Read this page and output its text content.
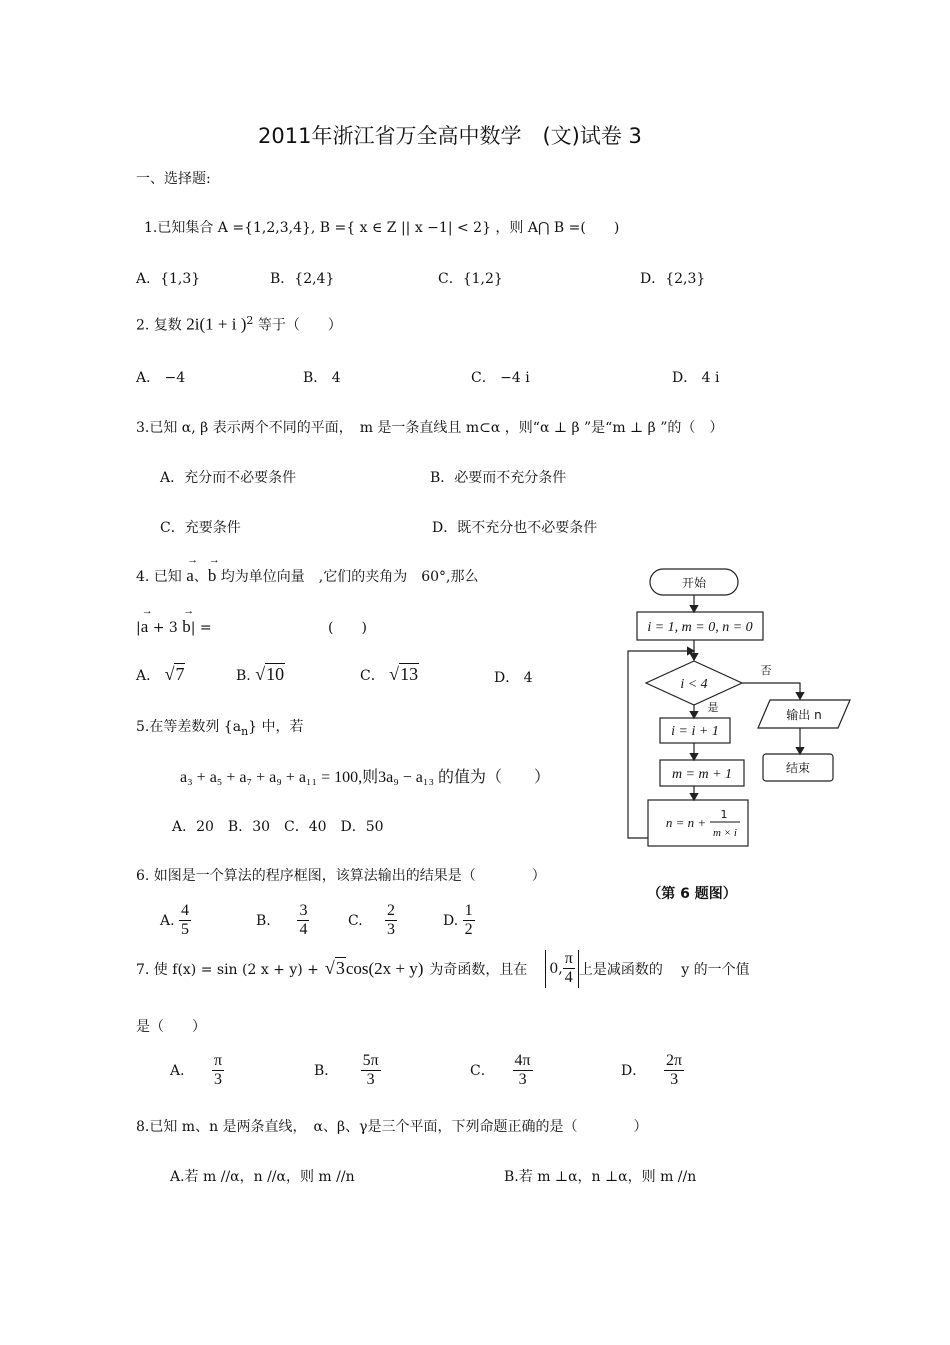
2011年浙江省万全高中数学　(文)试卷 3
一、选择题:
1.已知集合 A ={1,2,3,4}, B ={ x ∈ Z || x −1| < 2} ，则 A⋂ B =(　　)
A．{1,3}	B．{2,4}	C．{1,2}	D．{2,3}
2. 复数 2i(1 + i )$^2$ 等于（　　）
A． −4	B． 4	C． −4 i	D． 4 i
3.已知 α, β 表示两个不同的平面，　m 是一条直线且 m⊂α ，则“α ⊥ β ”是“m ⊥ β ”的（　）
A．充分而不必要条件	B．必要而不充分条件
C．充要条件	D．既不充分也不必要条件
4. 已知 → a、→ b 均为单位向量　,它们的夹角为　60°,那么
|→ a + 3 → b| =	(　　)
A． √7	B. √10	C． √13	D． 4
5.在等差数列 $\{a_n\}$ 中，若
a₃ + a₅ + a₇ + a₉ + a₁₁ = 100,则3a₉ − a₁₃ 的值为（　　）
A．20　B．30　C．40　D．50
6. 如图是一个算法的程序框图，该算法输出的结果是（　　　　）
A. $\frac{4}{5}$	B. $\frac{3}{4}$	C. $\frac{2}{3}$	D. $\frac{1}{2}$
7. 使 f(x) = sin (2 x + y) + √3 cos(2x + y) 为奇函数，且在 0, $\frac{\pi}{4}$ 上是减函数的　 y 的一个值
是（　　）
A． $\frac{\pi}{3}$	B． $\frac{5\pi}{3}$	C． $\frac{4\pi}{3}$	D． $\frac{2\pi}{3}$
8.已知 m、n 是两条直线，　α、β、γ是三个平面，下列命题正确的是（　　　　）
A.若 m //α，n //α，则 m //n	B.若 m ⊥α，n ⊥α，则 m //n
开始
i = 1, m = 0, n = 0
i < 4
否
是
i = i + 1
m = m + 1
n = n +
1
m × i
输出 n
结束
（第 6 题图）
